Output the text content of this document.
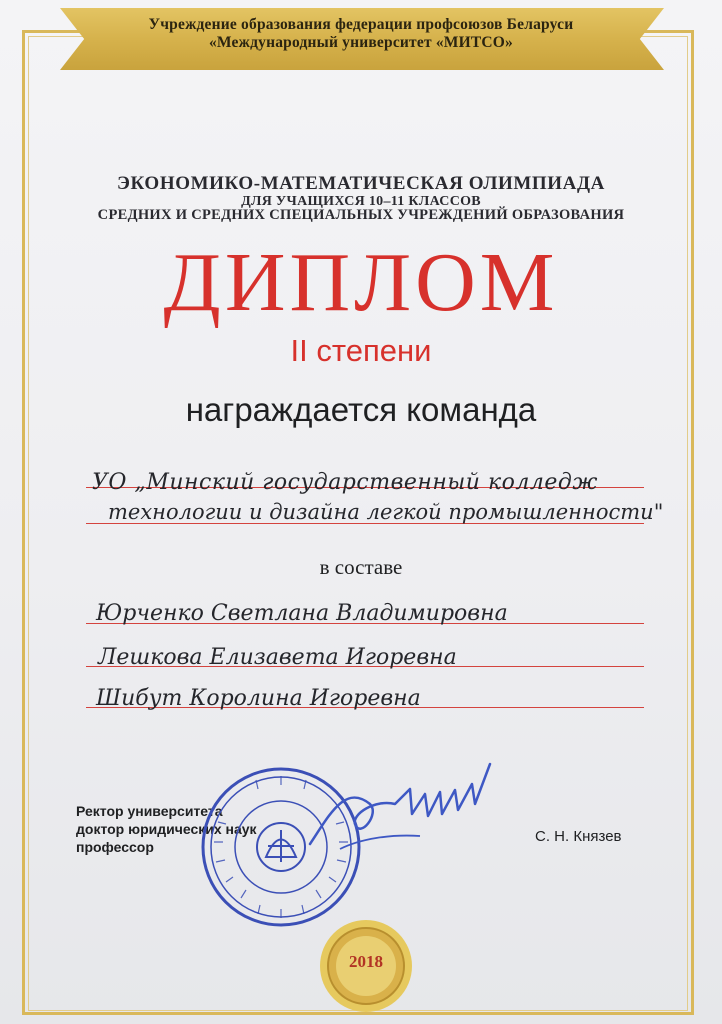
Учреждение образования федерации профсоюзов Беларуси
«Международный университет «МИТСО»
ЭКОНОМИКО-МАТЕМАТИЧЕСКАЯ ОЛИМПИАДА
ДЛЯ УЧАЩИХСЯ 10–11 КЛАССОВ
СРЕДНИХ И СРЕДНИХ СПЕЦИАЛЬНЫХ УЧРЕЖДЕНИЙ ОБРАЗОВАНИЯ
ДИПЛОМ
II степени
награждается команда
УО „Минский государственный колледж
технологии и дизайна легкой промышленности"
в составе
Юрченко Светлана Владимировна
Лешкова Елизавета Игоревна
Шибут Королина Игоревна
Ректор университета
доктор юридических наук
профессор
С. Н. Князев
2018
